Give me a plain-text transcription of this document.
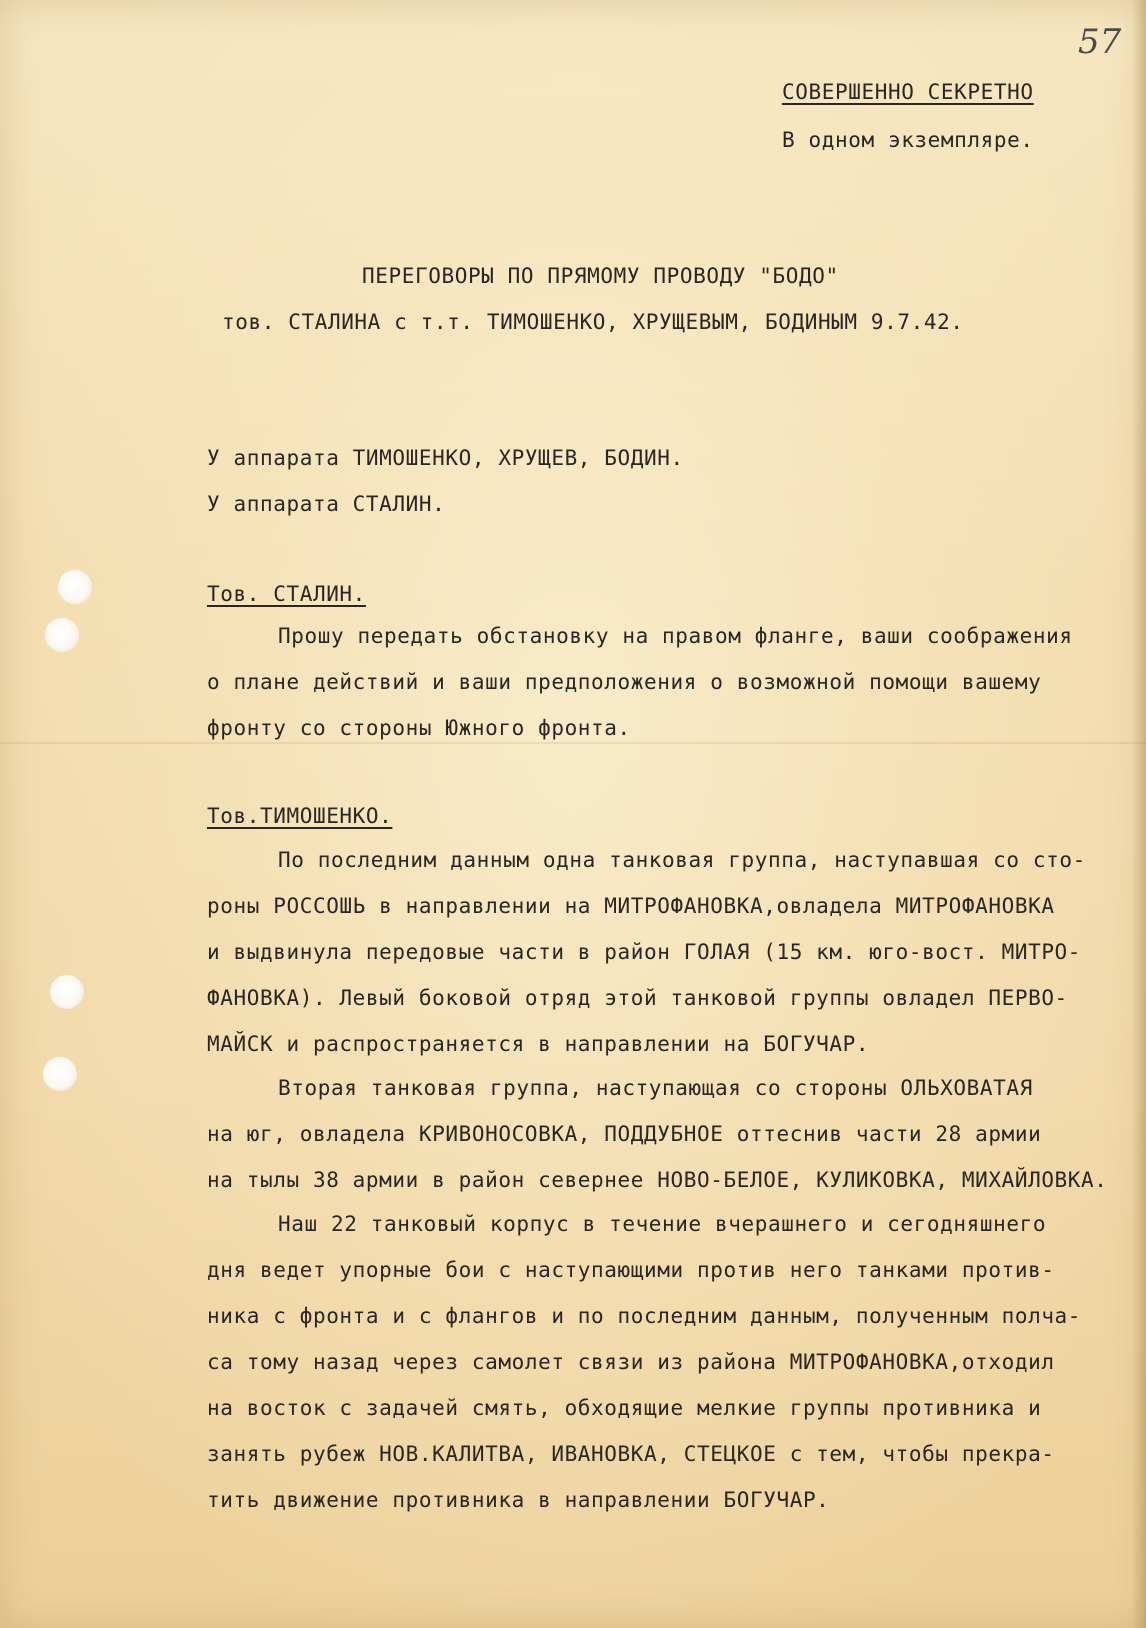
57
СОВЕРШЕННО СЕКРЕТНО
В одном экземпляре.
ПЕРЕГОВОРЫ ПО ПРЯМОМУ ПРОВОДУ "БОДО"
тов. СТАЛИНА с т.т. ТИМОШЕНКО, ХРУЩЕВЫМ, БОДИНЫМ 9.7.42.
У аппарата ТИМОШЕНКО, ХРУЩЕВ, БОДИН.
У аппарата СТАЛИН.
Тов. СТАЛИН.
Прошу передать обстановку на правом фланге, ваши соображения
о плане действий и ваши предположения о возможной помощи вашему
фронту со стороны Южного фронта.
Тов.ТИМОШЕНКО.
По последним данным одна танковая группа, наступавшая со сто-
роны РОССОШЬ в направлении на МИТРОФАНОВКА,овладела МИТРОФАНОВКА
и выдвинула передовые части в район ГОЛАЯ (15 км. юго-вост. МИТРО-
ФАНОВКА). Левый боковой отряд этой танковой группы овладел ПЕРВО-
МАЙСК и распространяется в направлении на БОГУЧАР.
Вторая танковая группа, наступающая со стороны ОЛЬХОВАТАЯ
на юг, овладела КРИВОНОСОВКА, ПОДДУБНОЕ оттеснив части 28 армии
на тылы 38 армии в район севернее НОВО-БЕЛОЕ, КУЛИКОВКА, МИХАЙЛОВКА.
Наш 22 танковый корпус в течение вчерашнего и сегодняшнего
дня ведет упорные бои с наступающими против него танками против-
ника с фронта и с флангов и по последним данным, полученным полча-
са тому назад через самолет связи из района МИТРОФАНОВКА,отходил
на восток с задачей смять, обходящие мелкие группы противника и
занять рубеж НОВ.КАЛИТВА, ИВАНОВКА, СТЕЦКОЕ с тем, чтобы прекра-
тить движение противника в направлении БОГУЧАР.
